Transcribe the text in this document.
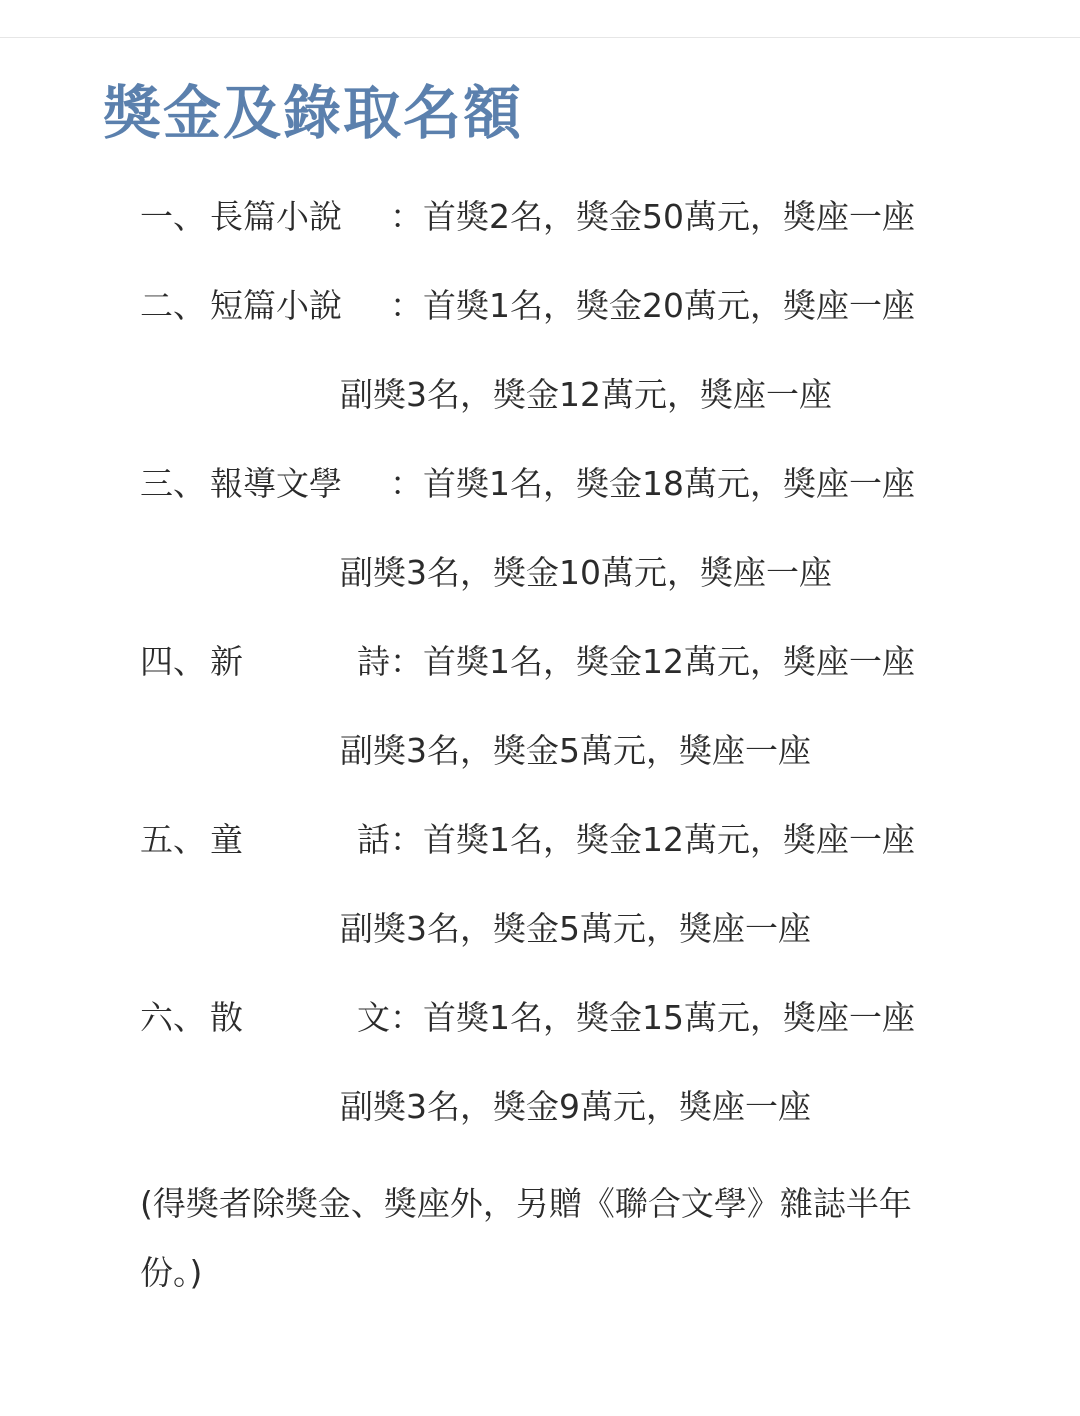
獎金及錄取名額
一、 長篇小說 ：首獎2名，獎金50萬元，獎座一座
二、 短篇小說 ：首獎1名，獎金20萬元，獎座一座
副獎3名，獎金12萬元，獎座一座
三、 報導文學 ：首獎1名，獎金18萬元，獎座一座
副獎3名，獎金10萬元，獎座一座
四、 新	詩 ：首獎1名，獎金12萬元，獎座一座
副獎3名，獎金5萬元，獎座一座
五、 童	話 ：首獎1名，獎金12萬元，獎座一座
副獎3名，獎金5萬元，獎座一座
六、 散	文 ：首獎1名，獎金15萬元，獎座一座
副獎3名，獎金9萬元，獎座一座
(得獎者除獎金、獎座外，另贈《聯合文學》雜誌半年份。)
